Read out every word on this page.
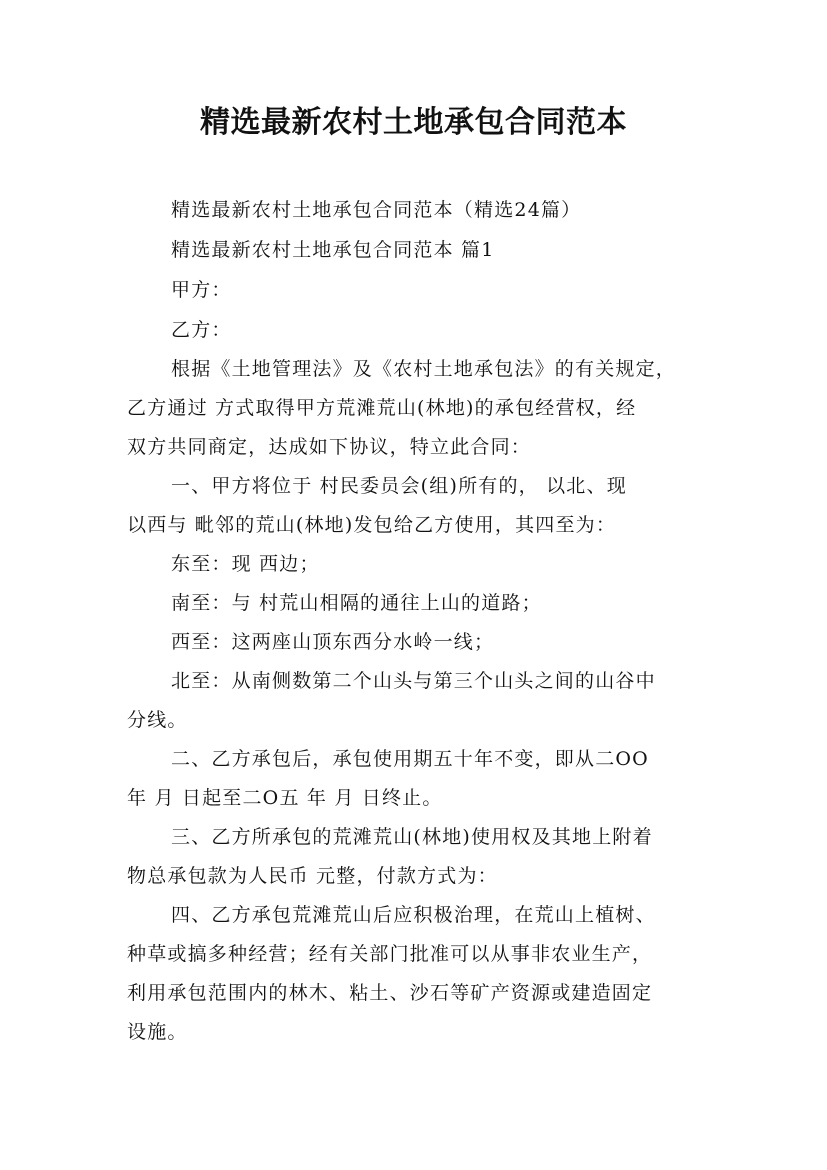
精选最新农村土地承包合同范本
精选最新农村土地承包合同范本（精选24篇）
精选最新农村土地承包合同范本 篇1
甲方：
乙方：
根据《土地管理法》及《农村土地承包法》的有关规定，
乙方通过 方式取得甲方荒滩荒山(林地)的承包经营权，经
双方共同商定，达成如下协议，特立此合同：
一、甲方将位于 村民委员会(组)所有的， 以北、现
以西与 毗邻的荒山(林地)发包给乙方使用，其四至为：
东至：现 西边；
南至：与 村荒山相隔的通往上山的道路；
西至：这两座山顶东西分水岭一线；
北至：从南侧数第二个山头与第三个山头之间的山谷中
分线。
二、乙方承包后，承包使用期五十年不变，即从二OO
年 月 日起至二O五 年 月 日终止。
三、乙方所承包的荒滩荒山(林地)使用权及其地上附着
物总承包款为人民币 元整，付款方式为：
四、乙方承包荒滩荒山后应积极治理，在荒山上植树、
种草或搞多种经营；经有关部门批准可以从事非农业生产，
利用承包范围内的林木、粘土、沙石等矿产资源或建造固定
设施。
